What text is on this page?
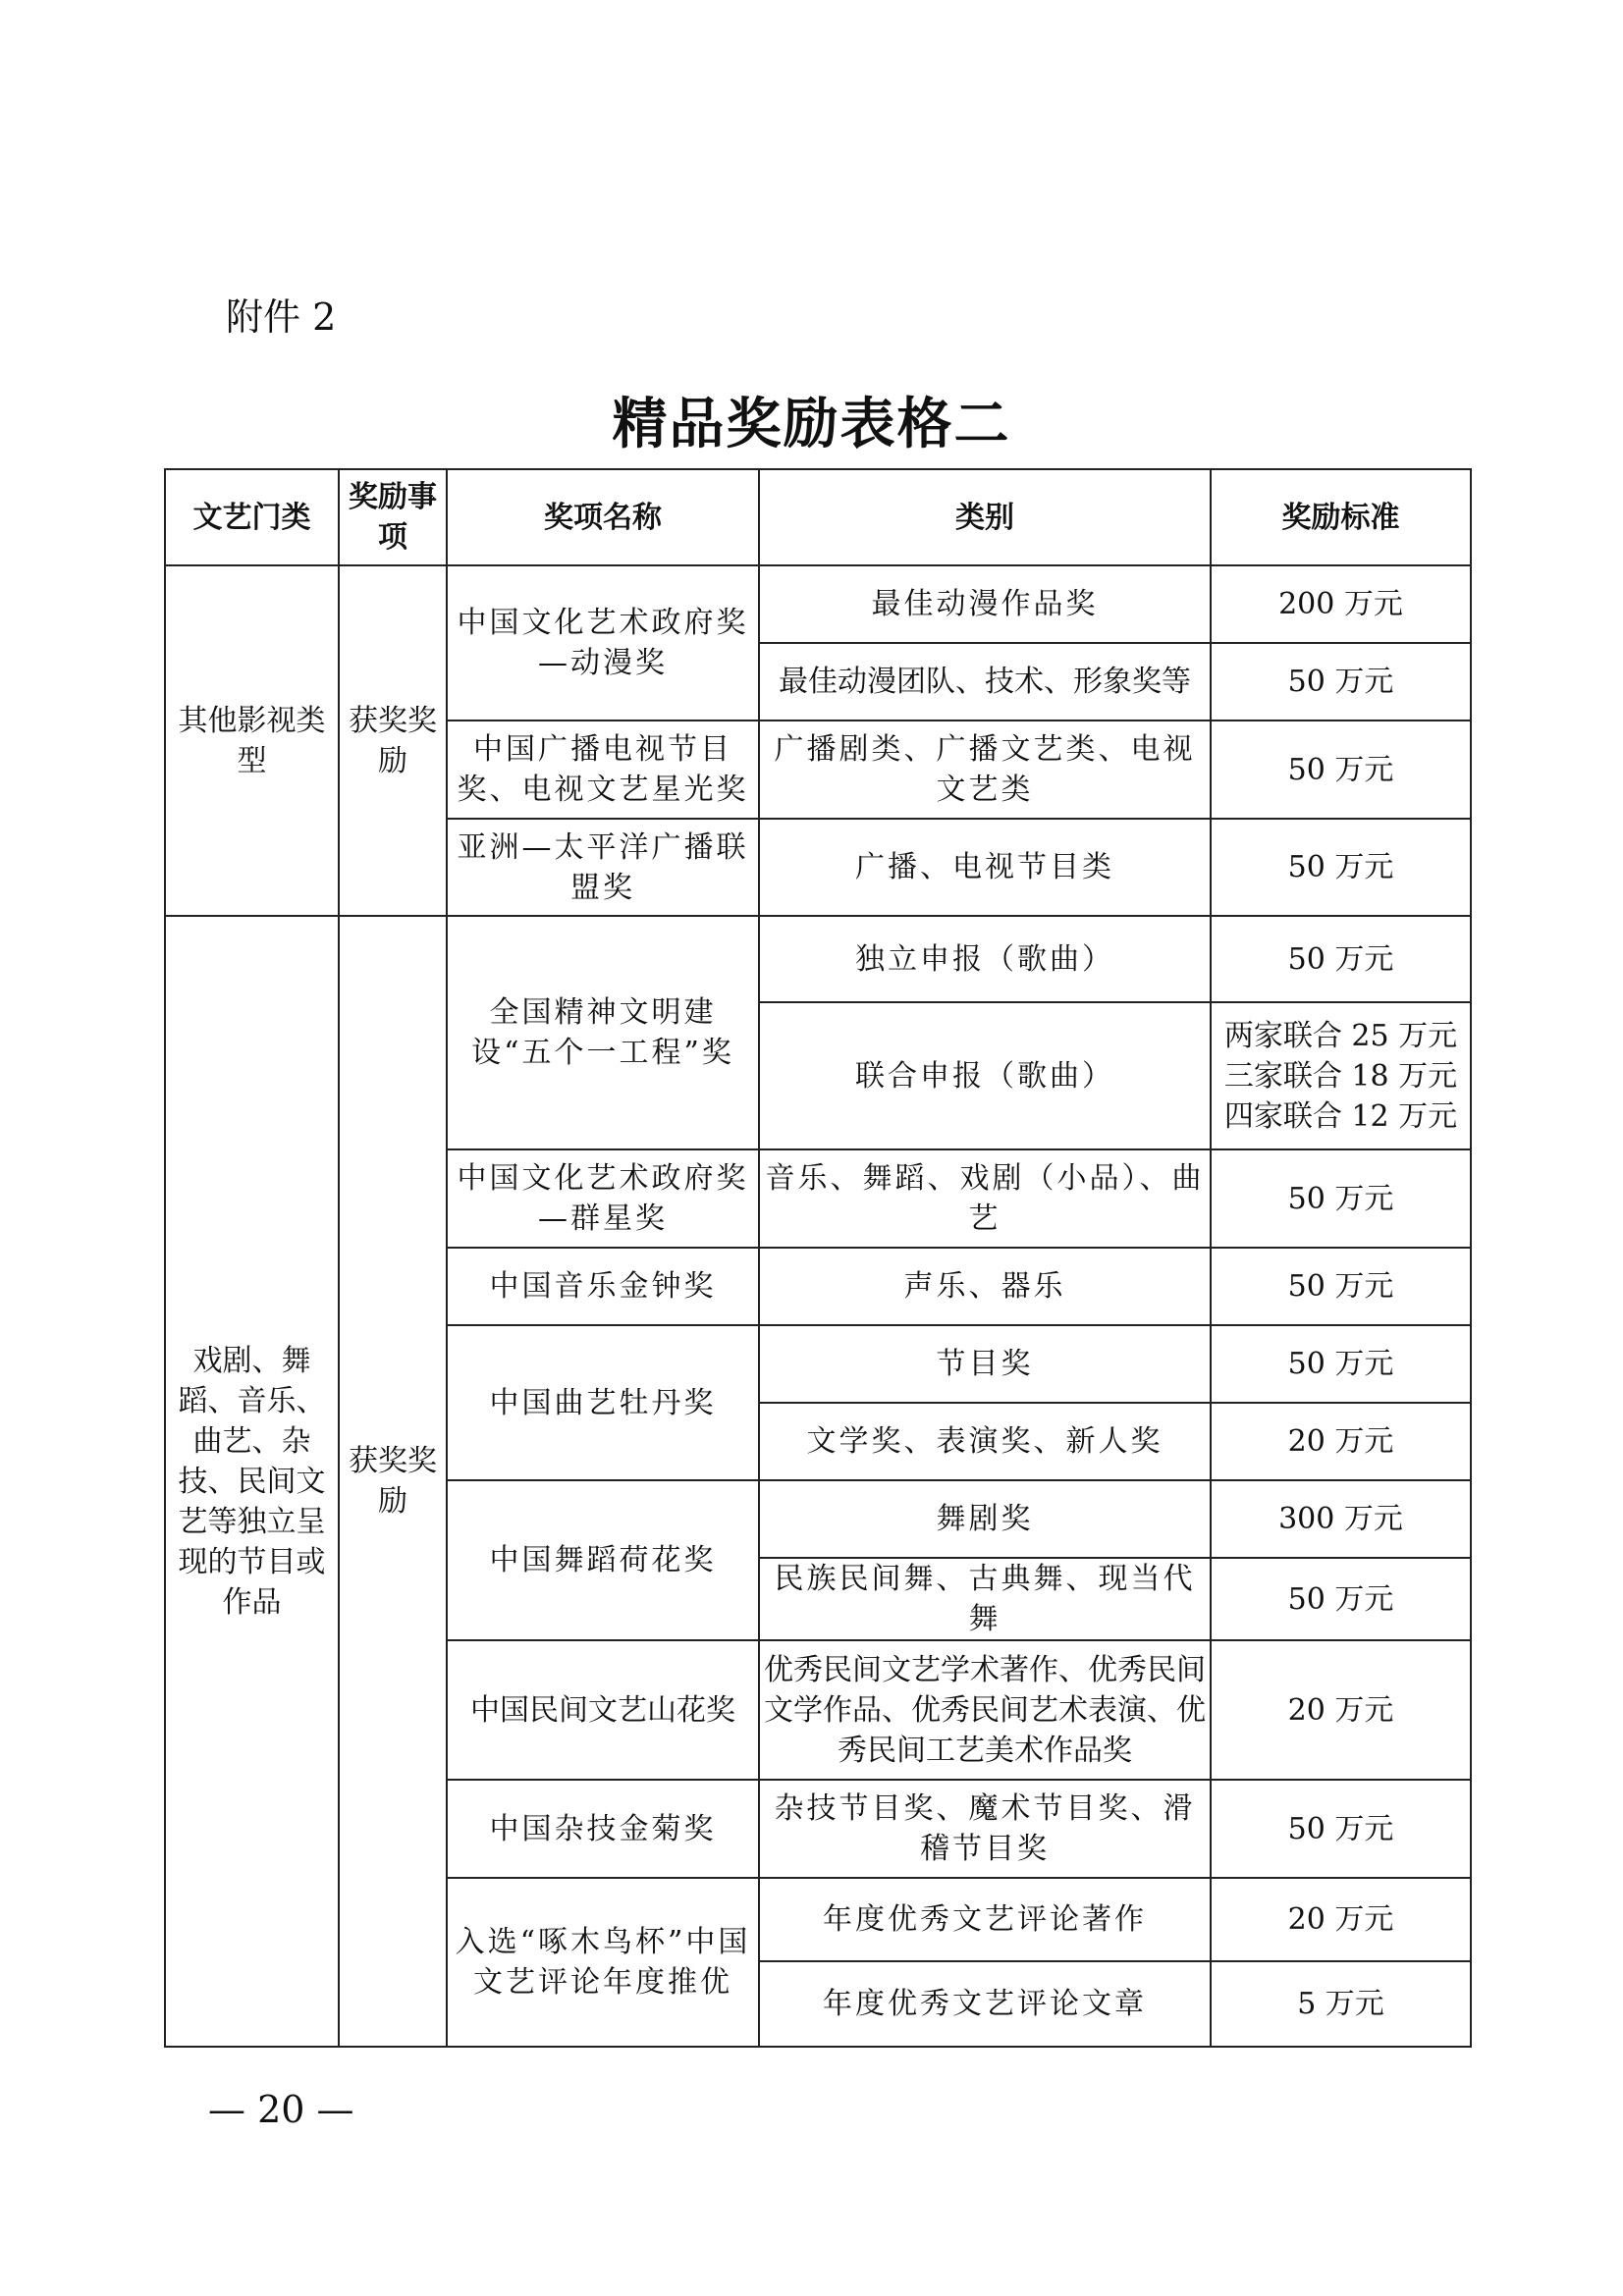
附件 2
精品奖励表格二
文艺门类	奖励事项	奖项名称	类别	奖励标准
其他影视类型	获奖奖励	中国文化艺术政府奖—动漫奖	最佳动漫作品奖	200 万元
			最佳动漫团队、技术、形象奖等	50 万元
		中国广播电视节目奖、电视文艺星光奖	广播剧类、广播文艺类、电视文艺类	50 万元
		亚洲—太平洋广播联盟奖	广播、电视节目类	50 万元

戏剧、舞蹈、音乐、曲艺、杂技、民间文艺等独立呈现的节目或作品	获奖奖励	全国精神文明建设“五个一工程”奖	独立申报（歌曲）	50 万元
			联合申报（歌曲）	两家联合 25 万元 三家联合 18 万元 四家联合 12 万元
		中国文化艺术政府奖—群星奖	音乐、舞蹈、戏剧（小品）、曲艺	50 万元
		中国音乐金钟奖	声乐、器乐	50 万元
		中国曲艺牡丹奖	节目奖	50 万元
			文学奖、表演奖、新人奖	20 万元
		中国舞蹈荷花奖	舞剧奖	300 万元
			民族民间舞、古典舞、现当代舞	50 万元
		中国民间文艺山花奖	优秀民间文艺学术著作、优秀民间文学作品、优秀民间艺术表演、优秀民间工艺美术作品奖	20 万元
		中国杂技金菊奖	杂技节目奖、魔术节目奖、滑稽节目奖	50 万元
		入选“啄木鸟杯”中国文艺评论年度推优	年度优秀文艺评论著作	20 万元
			年度优秀文艺评论文章	5 万元
— 20 —
